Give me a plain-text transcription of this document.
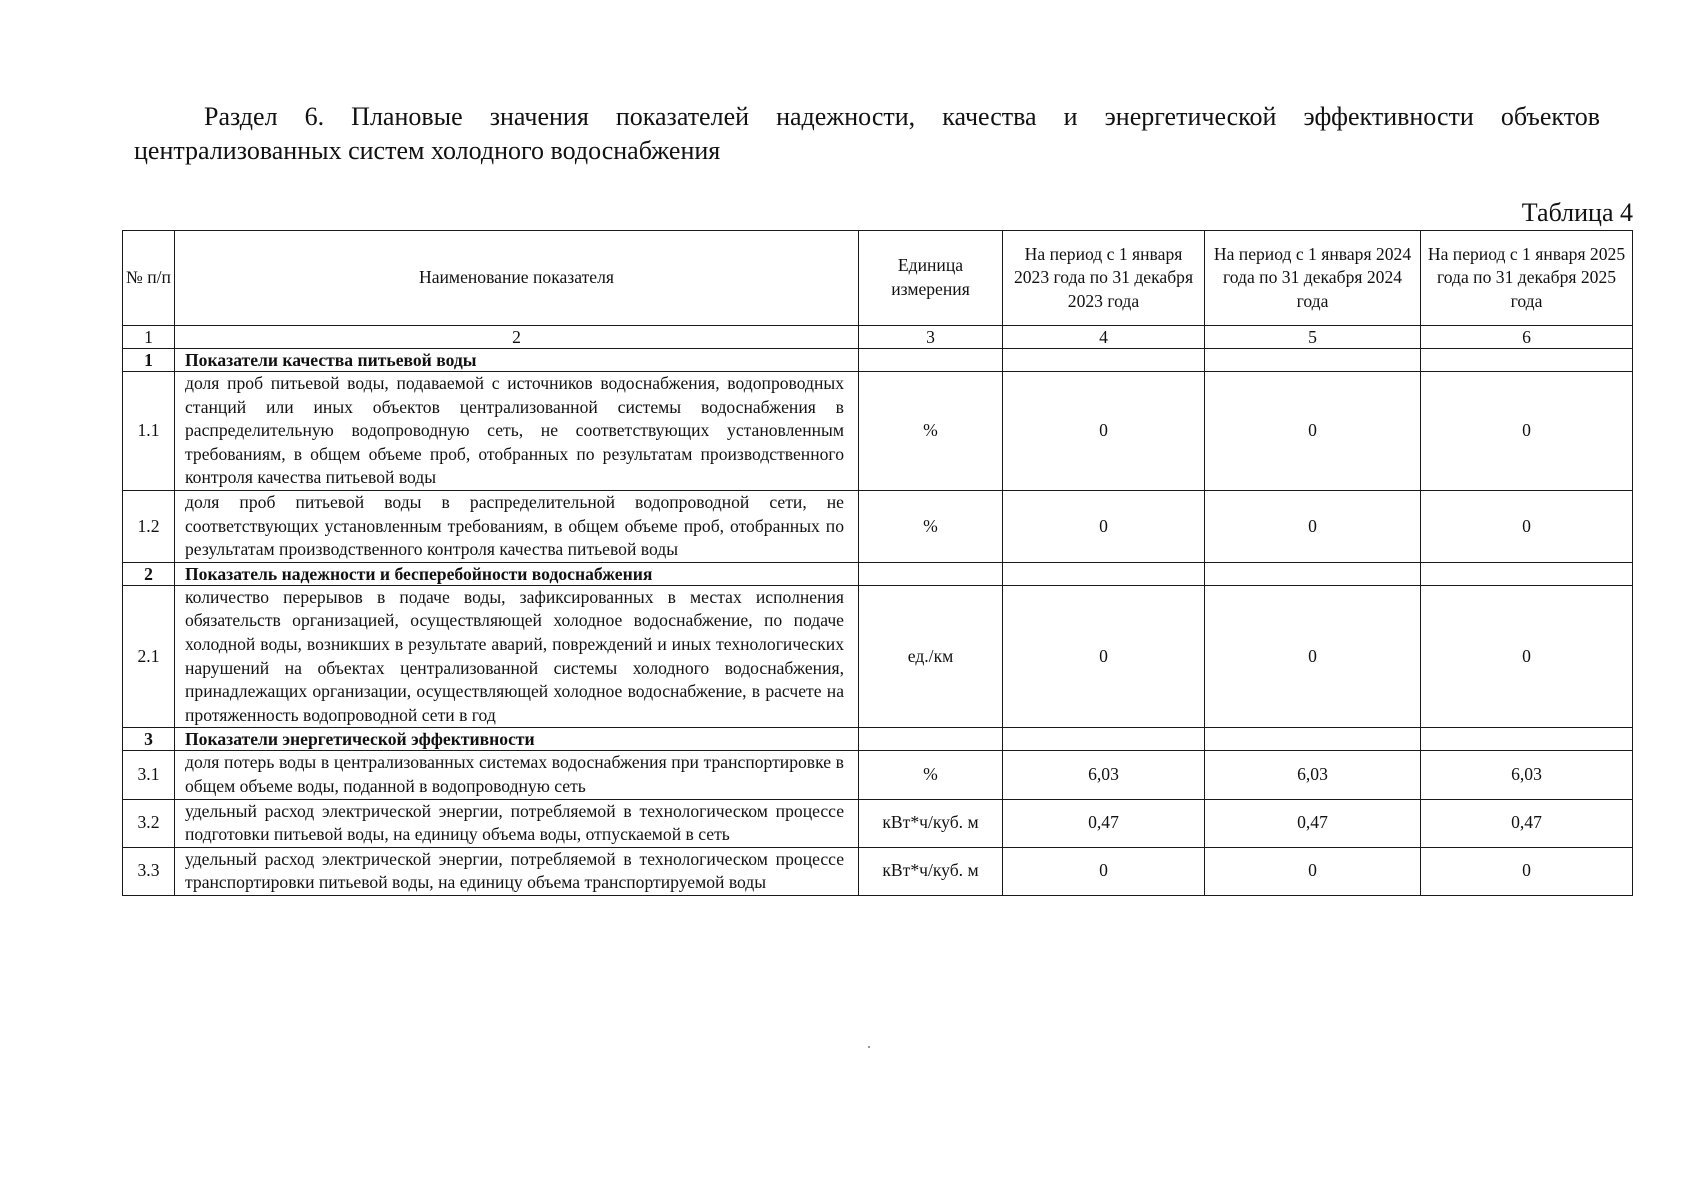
Раздел 6. Плановые значения показателей надежности, качества и энергетической эффективности объектов

централизованных систем холодного водоснабжения

Таблица 4
№ п/п	Наименование показателя	Единица измерения	На период с 1 января 2023 года по 31 декабря 2023 года	На период с 1 января 2024 года по 31 декабря 2024 года	На период с 1 января 2025 года по 31 декабря 2025 года
1	2	3	4	5	6
1	Показатели качества питьевой воды				
1.1	доля проб питьевой воды, подаваемой с источников водоснабжения, водопроводных станций или иных объектов централизованной системы водоснабжения в распределительную водопроводную сеть, не соответствующих установленным требованиям, в общем объеме проб, отобранных по результатам производственного контроля качества питьевой воды	%	0	0	0
1.2	доля проб питьевой воды в распределительной водопроводной сети, не соответствующих установленным требованиям, в общем объеме проб, отобранных по результатам производственного контроля качества питьевой воды	%	0	0	0
2	Показатель надежности и бесперебойности водоснабжения				
2.1	количество перерывов в подаче воды, зафиксированных в местах исполнения обязательств организацией, осуществляющей холодное водоснабжение, по подаче холодной воды, возникших в результате аварий, повреждений и иных технологических нарушений на объектах централизованной системы холодного водоснабжения, принадлежащих организации, осуществляющей холодное водоснабжение, в расчете на протяженность водопроводной сети в год	ед./км	0	0	0
3	Показатели энергетической эффективности				
3.1	доля потерь воды в централизованных системах водоснабжения при транспортировке в общем объеме воды, поданной в водопроводную сеть	%	6,03	6,03	6,03
3.2	удельный расход электрической энергии, потребляемой в технологическом процессе подготовки питьевой воды, на единицу объема воды, отпускаемой в сеть	кВт*ч/куб. м	0,47	0,47	0,47
3.3	удельный расход электрической энергии, потребляемой в технологическом процессе транспортировки питьевой воды, на единицу объема транспортируемой воды	кВт*ч/куб. м	0	0	0
